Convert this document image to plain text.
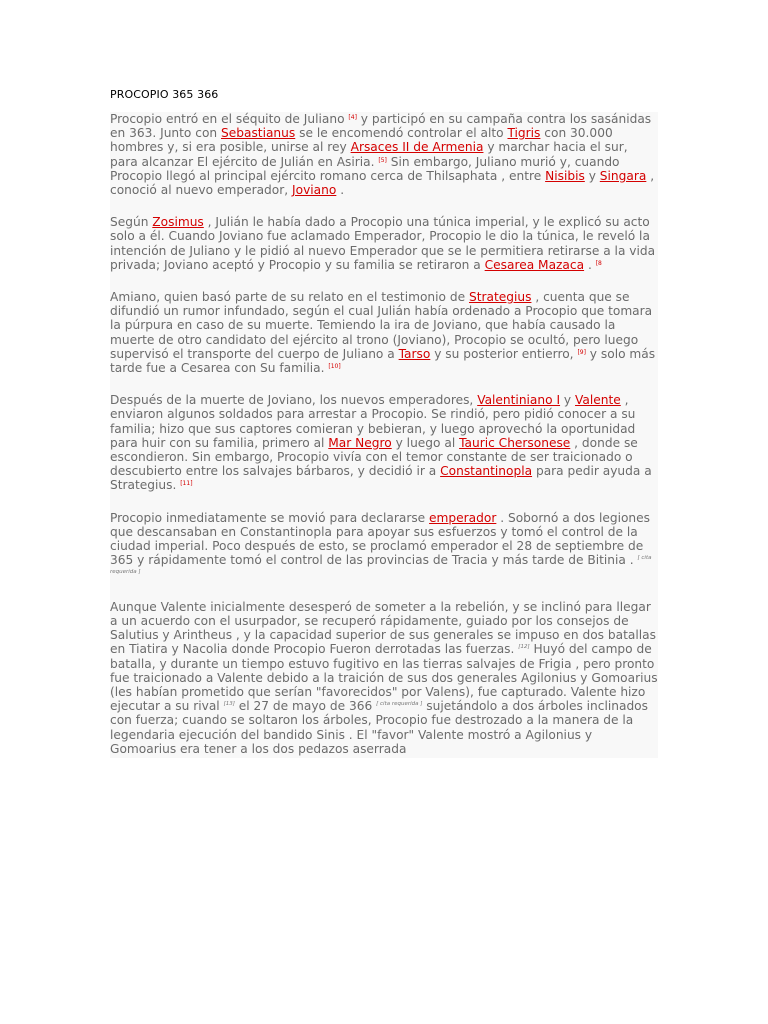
PROCOPIO 365 366

Procopio entró en el séquito de Juliano [4] y participó en su campaña contra los sasánidas en 363. Junto con Sebastianus se le encomendó controlar el alto Tigris con 30.000 hombres y, si era posible, unirse al rey Arsaces II de Armenia y marchar hacia el sur, para alcanzar El ejército de Julián en Asiria. [5] Sin embargo, Juliano murió y, cuando Procopio llegó al principal ejército romano cerca de Thilsaphata , entre Nisibis y Singara , conoció al nuevo emperador, Joviano .

Según Zosimus , Julián le había dado a Procopio una túnica imperial, y le explicó su acto solo a él. Cuando Joviano fue aclamado Emperador, Procopio le dio la túnica, le reveló la intención de Juliano y le pidió al nuevo Emperador que se le permitiera retirarse a la vida privada; Joviano aceptó y Procopio y su familia se retiraron a Cesarea Mazaca . $^{[8}$

Amiano, quien basó parte de su relato en el testimonio de Strategius , cuenta que se difundió un rumor infundado, según el cual Julián había ordenado a Procopio que tomara la púrpura en caso de su muerte. Temiendo la ira de Joviano, que había causado la muerte de otro candidato del ejército al trono (Joviano), Procopio se ocultó, pero luego supervisó el transporte del cuerpo de Juliano a Tarso y su posterior entierro, [9] y solo más tarde fue a Cesarea con Su familia. [10]

Después de la muerte de Joviano, los nuevos emperadores, Valentiniano I y Valente , enviaron algunos soldados para arrestar a Procopio. Se rindió, pero pidió conocer a su familia; hizo que sus captores comieran y bebieran, y luego aprovechó la oportunidad para huir con su familia, primero al Mar Negro y luego al Tauric Chersonese , donde se escondieron. Sin embargo, Procopio vivía con el temor constante de ser traicionado o descubierto entre los salvajes bárbaros, y decidió ir a Constantinopla para pedir ayuda a Strategius. [11]

Procopio inmediatamente se movió para declararse emperador . Sobornó a dos legiones que descansaban en Constantinopla para apoyar sus esfuerzos y tomó el control de la ciudad imperial. Poco después de esto, se proclamó emperador el 28 de septiembre de 365 y rápidamente tomó el control de las provincias de Tracia y más tarde de Bitinia . [ cita requerida ]

Aunque Valente inicialmente desesperó de someter a la rebelión, y se inclinó para llegar a un acuerdo con el usurpador, se recuperó rápidamente, guiado por los consejos de Salutius y Arintheus , y la capacidad superior de sus generales se impuso en dos batallas en Tiatira y Nacolia donde Procopio Fueron derrotadas las fuerzas. [12] Huyó del campo de batalla, y durante un tiempo estuvo fugitivo en las tierras salvajes de Frigia , pero pronto fue traicionado a Valente debido a la traición de sus dos generales Agilonius y Gomoarius (les habían prometido que serían "favorecidos" por Valens), fue capturado. Valente hizo ejecutar a su rival [13] el 27 de mayo de 366 [ cita requerida ] sujetándolo a dos árboles inclinados con fuerza; cuando se soltaron los árboles, Procopio fue destrozado a la manera de la legendaria ejecución del bandido Sinis . El "favor" Valente mostró a Agilonius y Gomoarius era tener a los dos pedazos aserrada
